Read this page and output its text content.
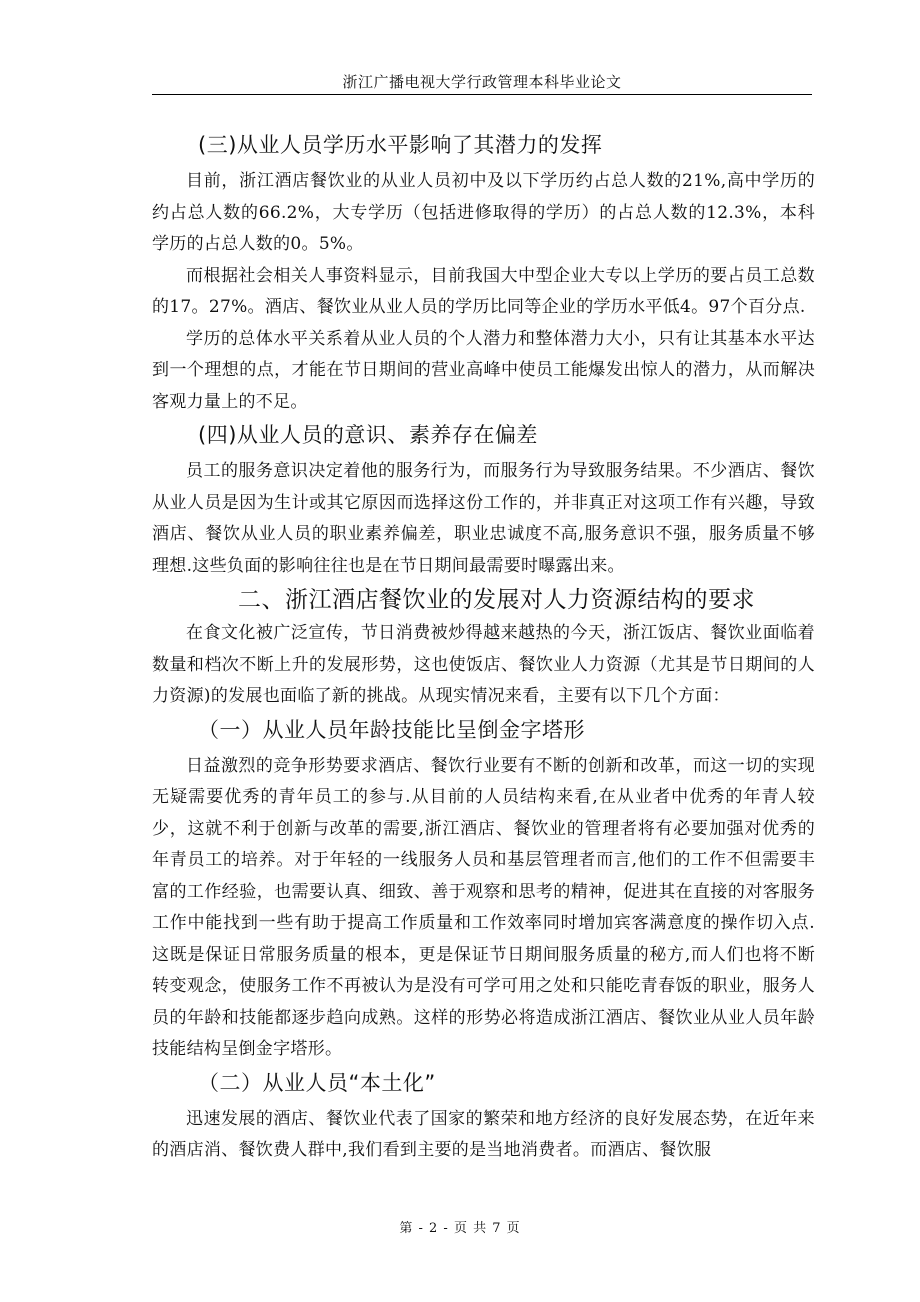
浙江广播电视大学行政管理本科毕业论文
(三)从业人员学历水平影响了其潜力的发挥

目前，浙江酒店餐饮业的从业人员初中及以下学历约占总人数的21%,高中学历的约占总人数的66.2%，大专学历（包括进修取得的学历）的占总人数的12.3%，本科学历的占总人数的0。5%。

而根据社会相关人事资料显示，目前我国大中型企业大专以上学历的要占员工总数的17。27%。酒店、餐饮业从业人员的学历比同等企业的学历水平低4。97个百分点.

学历的总体水平关系着从业人员的个人潜力和整体潜力大小，只有让其基本水平达到一个理想的点，才能在节日期间的营业高峰中使员工能爆发出惊人的潜力，从而解决客观力量上的不足。

(四)从业人员的意识、素养存在偏差

员工的服务意识决定着他的服务行为，而服务行为导致服务结果。不少酒店、餐饮从业人员是因为生计或其它原因而选择这份工作的，并非真正对这项工作有兴趣，导致酒店、餐饮从业人员的职业素养偏差，职业忠诚度不高,服务意识不强，服务质量不够理想.这些负面的影响往往也是在节日期间最需要时曝露出来。

二、浙江酒店餐饮业的发展对人力资源结构的要求

在食文化被广泛宣传，节日消费被炒得越来越热的今天，浙江饭店、餐饮业面临着数量和档次不断上升的发展形势，这也使饭店、餐饮业人力资源（尤其是节日期间的人力资源)的发展也面临了新的挑战。从现实情况来看，主要有以下几个方面：

（一）从业人员年龄技能比呈倒金字塔形

日益激烈的竞争形势要求酒店、餐饮行业要有不断的创新和改革，而这一切的实现无疑需要优秀的青年员工的参与.从目前的人员结构来看,在从业者中优秀的年青人较少，这就不利于创新与改革的需要,浙江酒店、餐饮业的管理者将有必要加强对优秀的年青员工的培养。对于年轻的一线服务人员和基层管理者而言,他们的工作不但需要丰富的工作经验，也需要认真、细致、善于观察和思考的精神，促进其在直接的对客服务工作中能找到一些有助于提高工作质量和工作效率同时增加宾客满意度的操作切入点.这既是保证日常服务质量的根本，更是保证节日期间服务质量的秘方,而人们也将不断转变观念，使服务工作不再被认为是没有可学可用之处和只能吃青春饭的职业，服务人员的年龄和技能都逐步趋向成熟。这样的形势必将造成浙江酒店、餐饮业从业人员年龄技能结构呈倒金字塔形。

（二）从业人员“本土化”

迅速发展的酒店、餐饮业代表了国家的繁荣和地方经济的良好发展态势，在近年来的酒店消、餐饮费人群中,我们看到主要的是当地消费者。而酒店、餐饮服

第 - 2 - 页 共 7 页
